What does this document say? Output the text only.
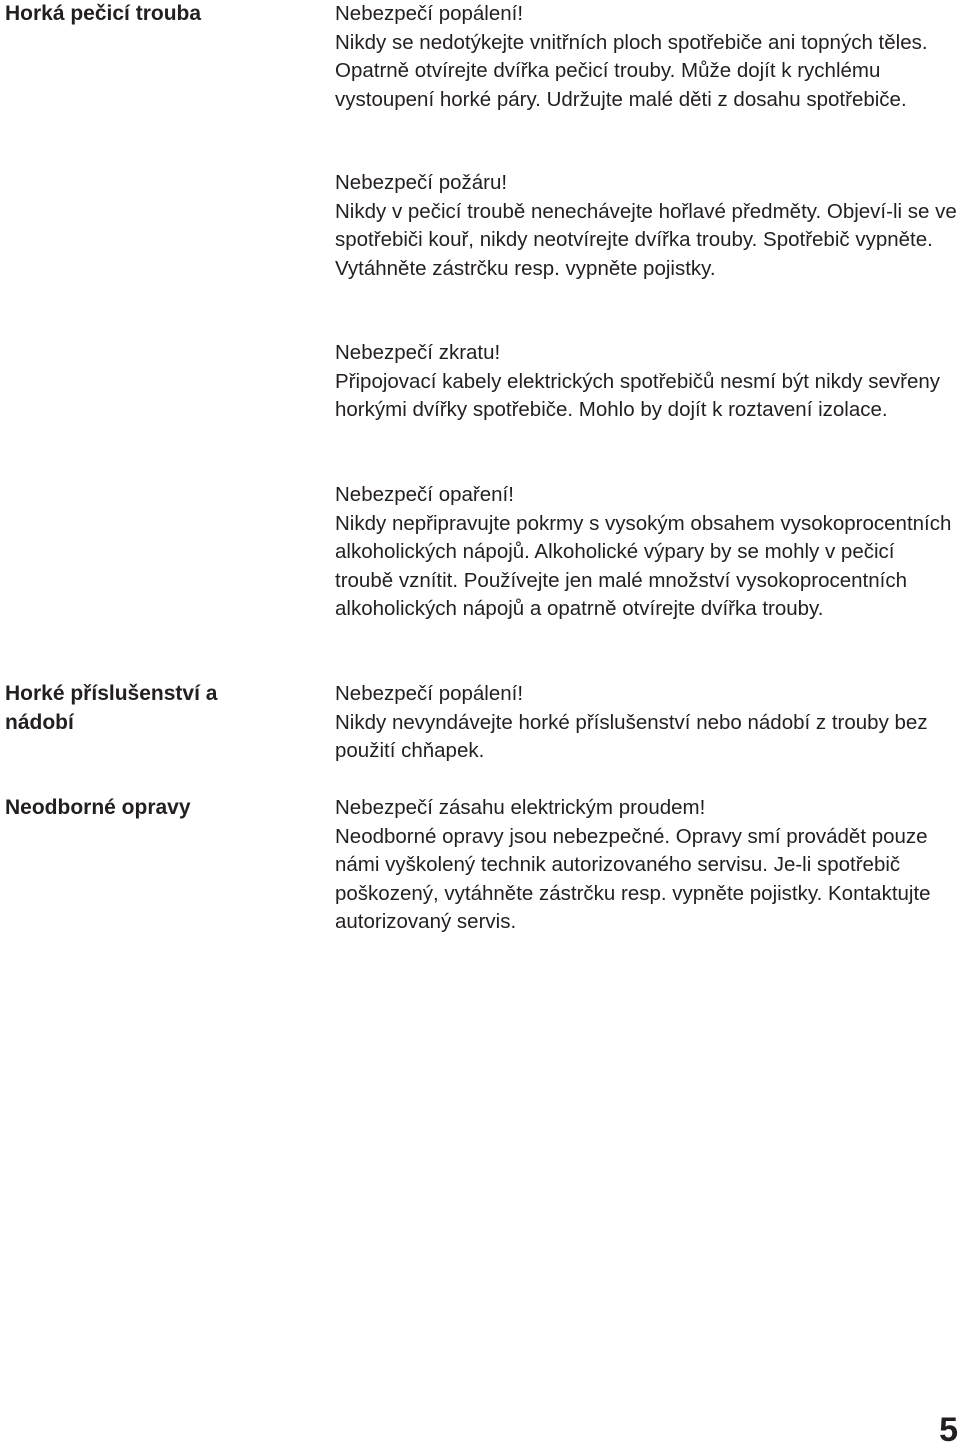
Horká pečicí trouba	Nebezpečí popálení!

Nikdy se nedotýkejte vnitřních ploch spotřebiče ani topných těles. Opatrně otvírejte dvířka pečicí trouby. Může dojít k rychlému vystoupení horké páry. Udržujte malé děti z dosahu spotřebiče.

Nebezpečí požáru!

Nikdy v pečicí troubě nenechávejte hořlavé předměty. Objeví-li se ve spotřebiči kouř, nikdy neotvírejte dvířka trouby. Spotřebič vypněte. Vytáhněte zástrčku resp. vypněte pojistky.

Nebezpečí zkratu!

Připojovací kabely elektrických spotřebičů nesmí být nikdy sevřeny horkými dvířky spotřebiče. Mohlo by dojít k roztavení izolace.

Nebezpečí opaření!

Nikdy nepřipravujte pokrmy s vysokým obsahem vysokoprocentních alkoholických nápojů. Alkoholické výpary by se mohly v pečicí troubě vznítit. Používejte jen malé množství vysokoprocentních alkoholických nápojů a opatrně otvírejte dvířka trouby.

Horké příslušenství a nádobí

Nebezpečí popálení!

Nikdy nevyndávejte horké příslušenství nebo nádobí z trouby bez použití chňapek.

Neodborné opravy	Nebezpečí zásahu elektrickým proudem!

Neodborné opravy jsou nebezpečné. Opravy smí provádět pouze námi vyškolený technik autorizovaného servisu. Je-li spotřebič poškozený, vytáhněte zástrčku resp. vypněte pojistky. Kontaktujte autorizovaný servis.

5
